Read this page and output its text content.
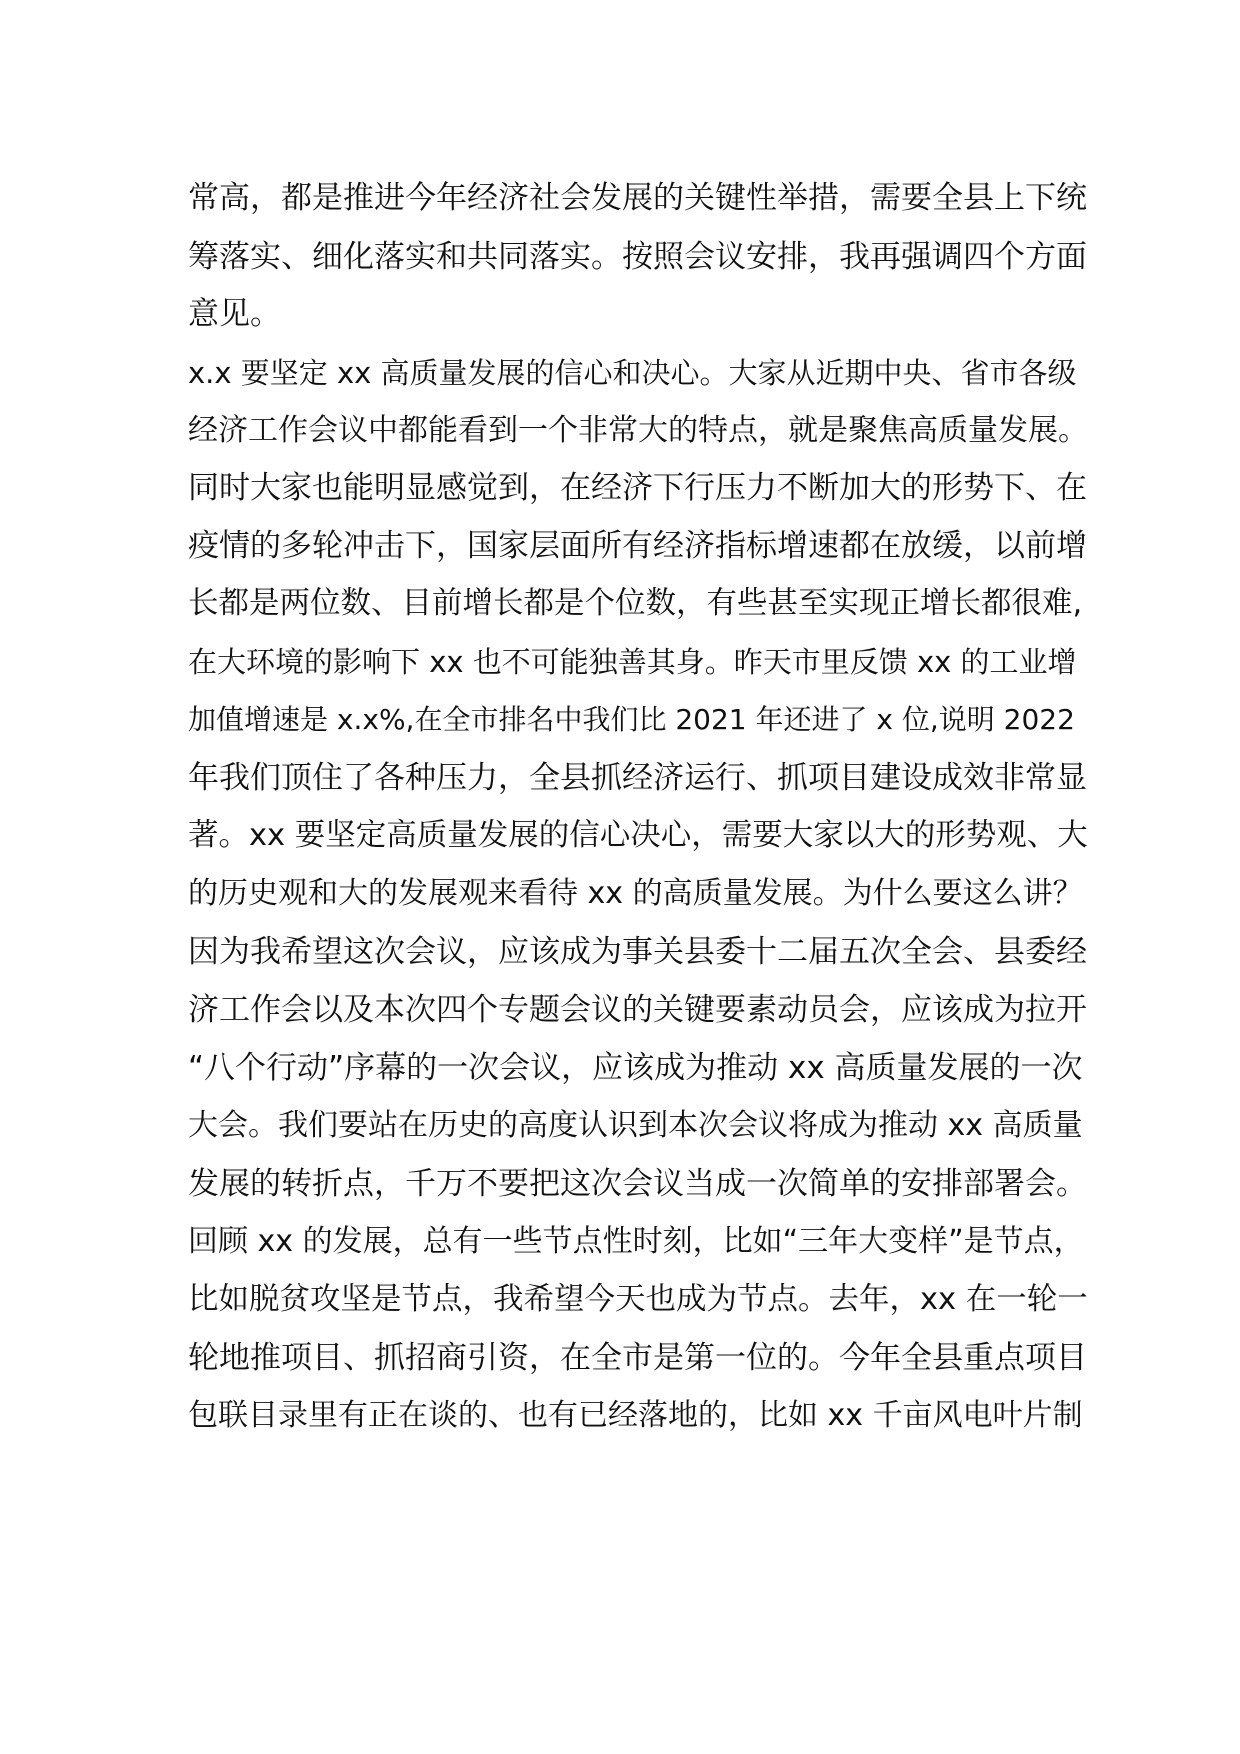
常高，都是推进今年经济社会发展的关键性举措，需要全县上下统
筹落实、细化落实和共同落实。按照会议安排，我再强调四个方面
意见。
x.x 要坚定 xx 高质量发展的信心和决心。大家从近期中央、省市各级
经济工作会议中都能看到一个非常大的特点，就是聚焦高质量发展。
同时大家也能明显感觉到，在经济下行压力不断加大的形势下、在
疫情的多轮冲击下，国家层面所有经济指标增速都在放缓，以前增
长都是两位数、目前增长都是个位数，有些甚至实现正增长都很难,
在大环境的影响下 xx 也不可能独善其身。昨天市里反馈 xx 的工业增
加值增速是 x.x%,在全市排名中我们比 2021 年还进了 x 位,说明 2022
年我们顶住了各种压力，全县抓经济运行、抓项目建设成效非常显
著。xx 要坚定高质量发展的信心决心，需要大家以大的形势观、大
的历史观和大的发展观来看待 xx 的高质量发展。为什么要这么讲？
因为我希望这次会议，应该成为事关县委十二届五次全会、县委经
济工作会以及本次四个专题会议的关键要素动员会，应该成为拉开
“八个行动”序幕的一次会议，应该成为推动 xx 高质量发展的一次
大会。我们要站在历史的高度认识到本次会议将成为推动 xx 高质量
发展的转折点，千万不要把这次会议当成一次简单的安排部署会。
回顾 xx 的发展，总有一些节点性时刻，比如“三年大变样”是节点，
比如脱贫攻坚是节点，我希望今天也成为节点。去年，xx 在一轮一
轮地推项目、抓招商引资，在全市是第一位的。今年全县重点项目
包联目录里有正在谈的、也有已经落地的，比如 xx 千亩风电叶片制
